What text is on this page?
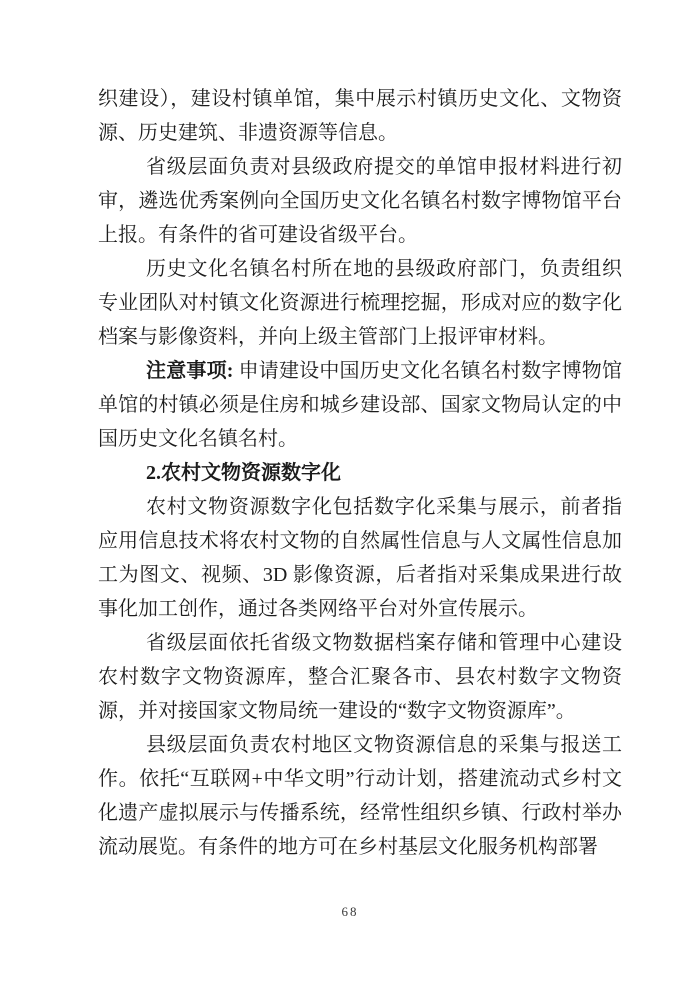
织建设），建设村镇单馆，集中展示村镇历史文化、文物资源、历史建筑、非遗资源等信息。

省级层面负责对县级政府提交的单馆申报材料进行初审，遴选优秀案例向全国历史文化名镇名村数字博物馆平台上报。有条件的省可建设省级平台。

历史文化名镇名村所在地的县级政府部门，负责组织专业团队对村镇文化资源进行梳理挖掘，形成对应的数字化档案与影像资料，并向上级主管部门上报评审材料。

注意事项: 申请建设中国历史文化名镇名村数字博物馆单馆的村镇必须是住房和城乡建设部、国家文物局认定的中国历史文化名镇名村。

2.农村文物资源数字化

农村文物资源数字化包括数字化采集与展示，前者指应用信息技术将农村文物的自然属性信息与人文属性信息加工为图文、视频、3D 影像资源，后者指对采集成果进行故事化加工创作，通过各类网络平台对外宣传展示。

省级层面依托省级文物数据档案存储和管理中心建设农村数字文物资源库，整合汇聚各市、县农村数字文物资源，并对接国家文物局统一建设的“数字文物资源库”。

县级层面负责农村地区文物资源信息的采集与报送工作。依托“互联网+中华文明”行动计划，搭建流动式乡村文化遗产虚拟展示与传播系统，经常性组织乡镇、行政村举办流动展览。有条件的地方可在乡村基层文化服务机构部署

68
